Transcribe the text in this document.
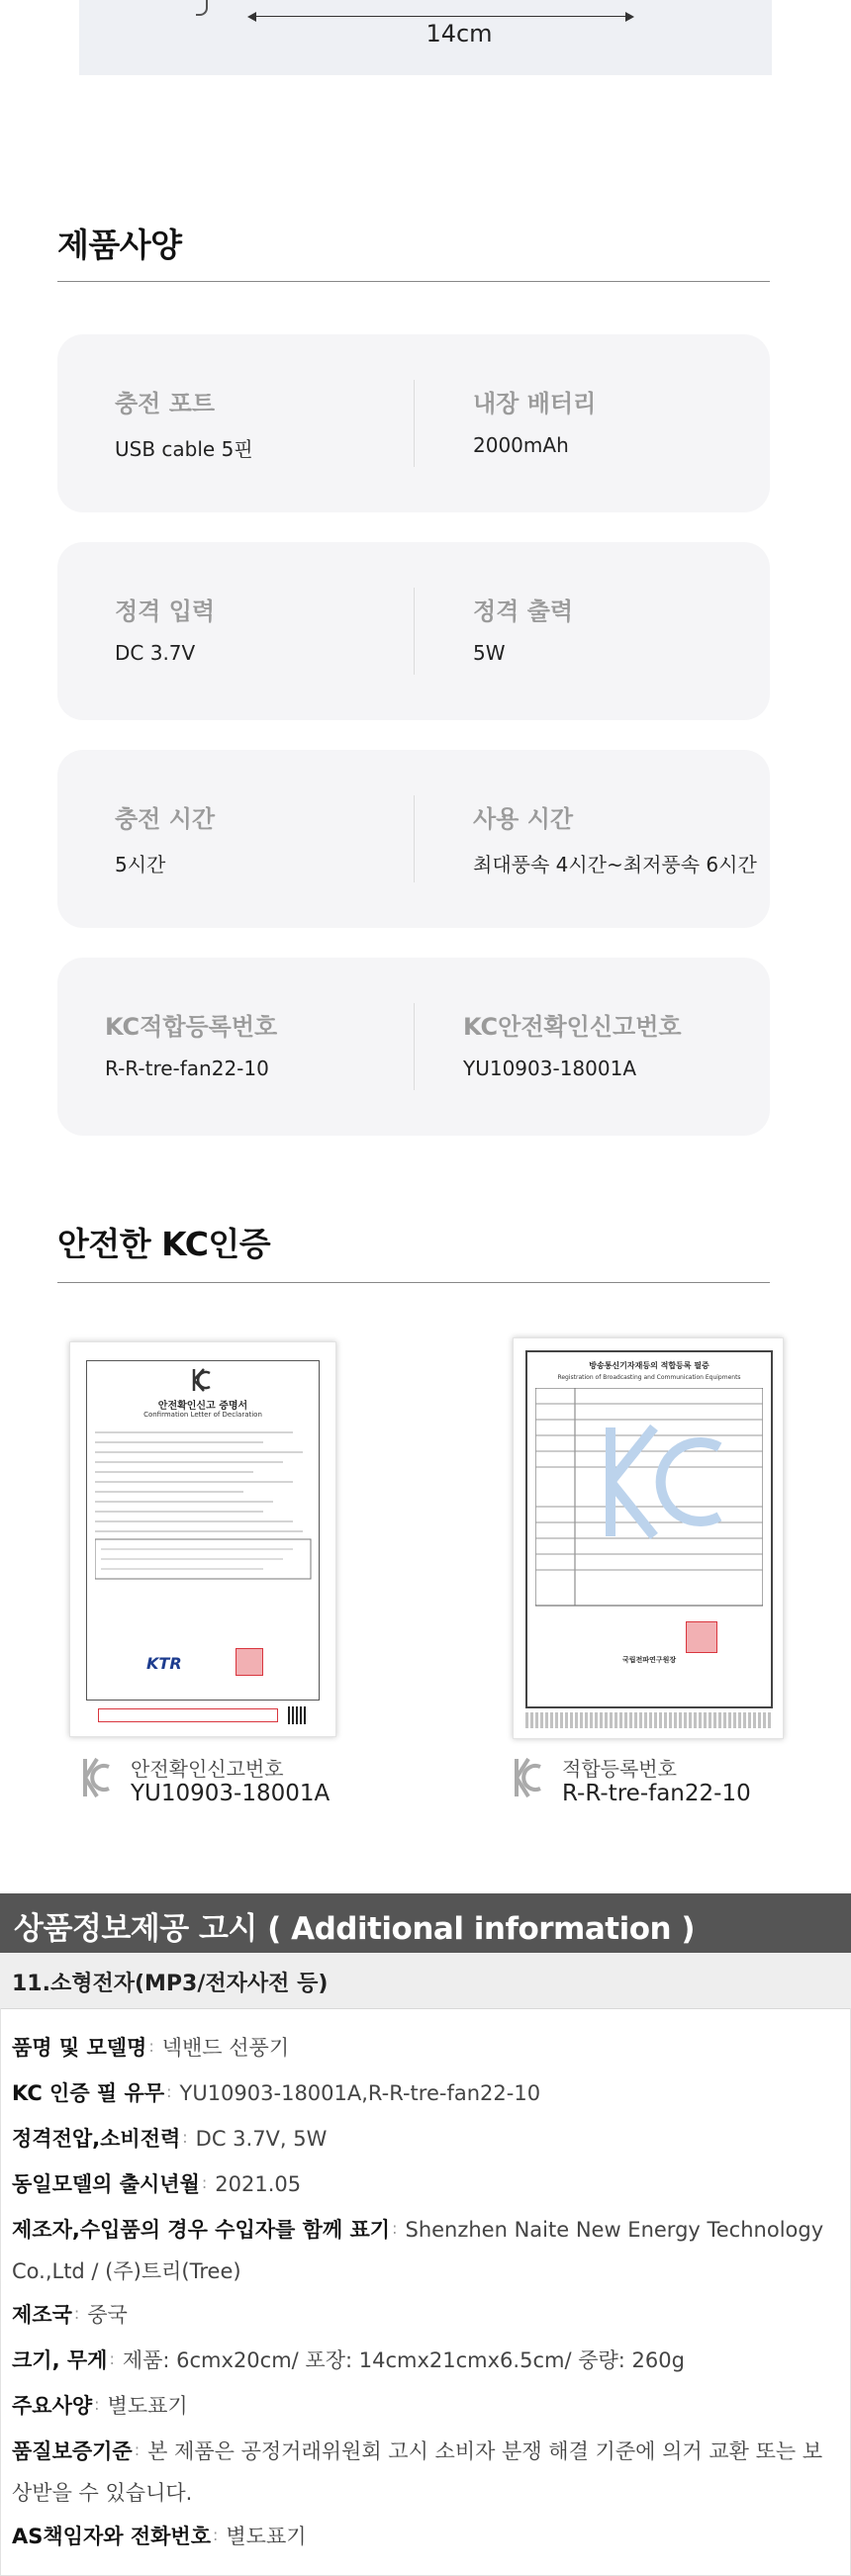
14cm
제품사양
충전 포트
USB cable 5핀
내장 배터리
2000mAh
정격 입력
DC 3.7V
정격 출력
5W
충전 시간
5시간
사용 시간
최대풍속 4시간~최저풍속 6시간
KC적합등록번호
R-R-tre-fan22-10
KC안전확인신고번호
YU10903-18001A
안전한 KC인증
안전확인신고 증명서
Confirmation Letter of Declaration
KTR
안전확인신고번호
YU10903-18001A
방송통신기자재등의 적합등록 필증
Registration of Broadcasting and Communication Equipments
국립전파연구원장
적합등록번호
R-R-tre-fan22-10
상품정보제공 고시 ( Additional information )
11.소형전자(MP3/전자사전 등)
품명 및 모델명 : 넥밴드 선풍기
KC 인증 필 유무 : YU10903-18001A,R-R-tre-fan22-10
정격전압,소비전력 : DC 3.7V, 5W
동일모델의 출시년월 : 2021.05
제조자,수입품의 경우 수입자를 함께 표기 : Shenzhen Naite New Energy Technology Co.,Ltd / (주)트리(Tree)
제조국 : 중국
크기, 무게 : 제품: 6cmx20cm/ 포장: 14cmx21cmx6.5cm/ 중량: 260g
주요사양 : 별도표기
품질보증기준 : 본 제품은 공정거래위원회 고시 소비자 분쟁 해결 기준에 의거 교환 또는 보상받을 수 있습니다.
AS책임자와 전화번호 : 별도표기
